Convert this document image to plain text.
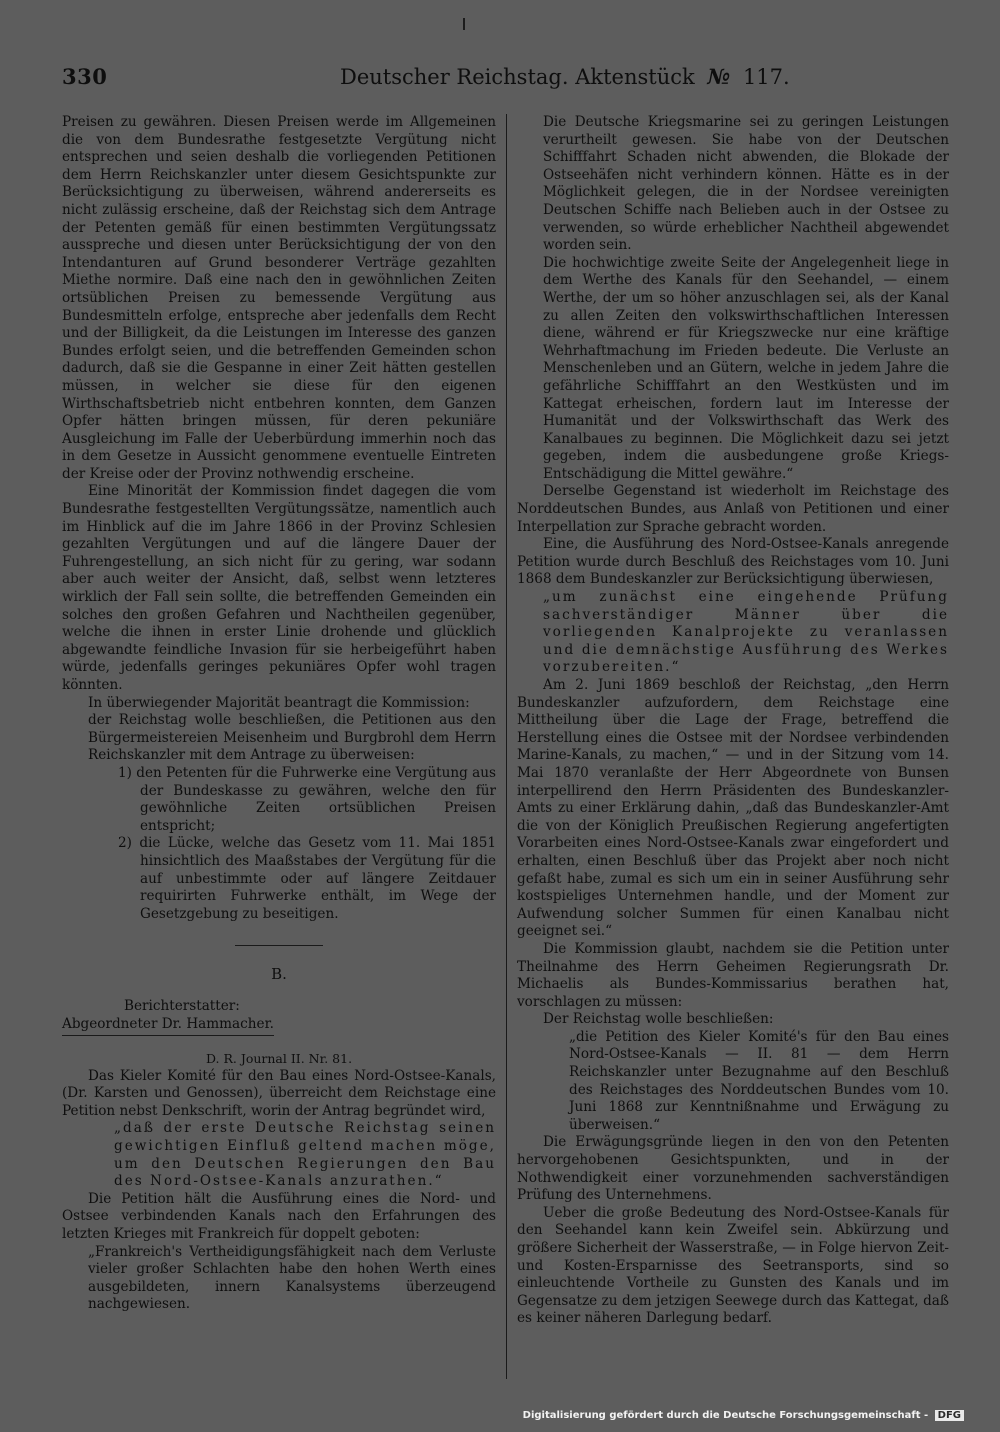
330	Deutscher Reichstag. Aktenstück № 117.

Preisen zu gewähren. Diesen Preisen werde im Allgemeinen die von dem Bundesrathe festgesetzte Vergütung nicht entsprechen und seien deshalb die vorliegenden Petitionen dem Herrn Reichskanzler unter diesem Gesichtspunkte zur Berücksichtigung zu überweisen, während andererseits es nicht zulässig erscheine, daß der Reichstag sich dem Antrage der Petenten gemäß für einen bestimmten Vergütungssatz ausspreche und diesen unter Berücksichtigung der von den Intendanturen auf Grund besonderer Verträge gezahlten Miethe normire. Daß eine nach den in gewöhnlichen Zeiten ortsüblichen Preisen zu bemessende Vergütung aus Bundesmitteln erfolge, entspreche aber jedenfalls dem Recht und der Billigkeit, da die Leistungen im Interesse des ganzen Bundes erfolgt seien, und die betreffenden Gemeinden schon dadurch, daß sie die Gespanne in einer Zeit hätten gestellen müssen, in welcher sie diese für den eigenen Wirthschaftsbetrieb nicht entbehren konnten, dem Ganzen Opfer hätten bringen müssen, für deren pekuniäre Ausgleichung im Falle der Ueberbürdung immerhin noch das in dem Gesetze in Aussicht genommene eventuelle Eintreten der Kreise oder der Provinz nothwendig erscheine.

Eine Minorität der Kommission findet dagegen die vom Bundesrathe festgestellten Vergütungssätze, namentlich auch im Hinblick auf die im Jahre 1866 in der Provinz Schlesien gezahlten Vergütungen und auf die längere Dauer der Fuhrengestellung, an sich nicht für zu gering, war sodann aber auch weiter der Ansicht, daß, selbst wenn letzteres wirklich der Fall sein sollte, die betreffenden Gemeinden ein solches den großen Gefahren und Nachtheilen gegenüber, welche die ihnen in erster Linie drohende und glücklich abgewandte feindliche Invasion für sie herbeigeführt haben würde, jedenfalls geringes pekuniäres Opfer wohl tragen könnten.

In überwiegender Majorität beantragt die Kommission:

der Reichstag wolle beschließen, die Petitionen aus den Bürgermeistereien Meisenheim und Burgbrohl dem Herrn Reichskanzler mit dem Antrage zu überweisen:

1) den Petenten für die Fuhrwerke eine Vergütung aus der Bundeskasse zu gewähren, welche den für gewöhnliche Zeiten ortsüblichen Preisen entspricht;

2) die Lücke, welche das Gesetz vom 11. Mai 1851 hinsichtlich des Maaßstabes der Vergütung für die auf unbestimmte oder auf längere Zeitdauer requirirten Fuhrwerke enthält, im Wege der Gesetzgebung zu beseitigen.

B.

Berichterstatter:

Abgeordneter Dr. Hammacher.

D. R. Journal II. Nr. 81.

Das Kieler Komité für den Bau eines Nord-Ostsee-Kanals, (Dr. Karsten und Genossen), überreicht dem Reichstage eine Petition nebst Denkschrift, worin der Antrag begründet wird,

„daß der erste Deutsche Reichstag seinen gewichtigen Einfluß geltend machen möge, um den Deutschen Regierungen den Bau des Nord-Ostsee-Kanals anzurathen.“

Die Petition hält die Ausführung eines die Nord- und Ostsee verbindenden Kanals nach den Erfahrungen des letzten Krieges mit Frankreich für doppelt geboten:

„Frankreich's Vertheidigungsfähigkeit nach dem Verluste vieler großer Schlachten habe den hohen Werth eines ausgebildeten, innern Kanalsystems überzeugend nachgewiesen.

Die Deutsche Kriegsmarine sei zu geringen Leistungen verurtheilt gewesen. Sie habe von der Deutschen Schifffahrt Schaden nicht abwenden, die Blokade der Ostseehäfen nicht verhindern können. Hätte es in der Möglichkeit gelegen, die in der Nordsee vereinigten Deutschen Schiffe nach Belieben auch in der Ostsee zu verwenden, so würde erheblicher Nachtheil abgewendet worden sein.

Die hochwichtige zweite Seite der Angelegenheit liege in dem Werthe des Kanals für den Seehandel, — einem Werthe, der um so höher anzuschlagen sei, als der Kanal zu allen Zeiten den volkswirthschaftlichen Interessen diene, während er für Kriegszwecke nur eine kräftige Wehrhaftmachung im Frieden bedeute. Die Verluste an Menschenleben und an Gütern, welche in jedem Jahre die gefährliche Schifffahrt an den Westküsten und im Kattegat erheischen, fordern laut im Interesse der Humanität und der Volkswirthschaft das Werk des Kanalbaues zu beginnen. Die Möglichkeit dazu sei jetzt gegeben, indem die ausbedungene große Kriegs-Entschädigung die Mittel gewähre.“

Derselbe Gegenstand ist wiederholt im Reichstage des Norddeutschen Bundes, aus Anlaß von Petitionen und einer Interpellation zur Sprache gebracht worden.

Eine, die Ausführung des Nord-Ostsee-Kanals anregende Petition wurde durch Beschluß des Reichstages vom 10. Juni 1868 dem Bundeskanzler zur Berücksichtigung überwiesen,

„um zunächst eine eingehende Prüfung sachverständiger Männer über die vorliegenden Kanalprojekte zu veranlassen und die demnächstige Ausführung des Werkes vorzubereiten.“

Am 2. Juni 1869 beschloß der Reichstag, „den Herrn Bundeskanzler aufzufordern, dem Reichstage eine Mittheilung über die Lage der Frage, betreffend die Herstellung eines die Ostsee mit der Nordsee verbindenden Marine-Kanals, zu machen,“ — und in der Sitzung vom 14. Mai 1870 veranlaßte der Herr Abgeordnete von Bunsen interpellirend den Herrn Präsidenten des Bundeskanzler-Amts zu einer Erklärung dahin, „daß das Bundeskanzler-Amt die von der Königlich Preußischen Regierung angefertigten Vorarbeiten eines Nord-Ostsee-Kanals zwar eingefordert und erhalten, einen Beschluß über das Projekt aber noch nicht gefaßt habe, zumal es sich um ein in seiner Ausführung sehr kostspieliges Unternehmen handle, und der Moment zur Aufwendung solcher Summen für einen Kanalbau nicht geeignet sei.“

Die Kommission glaubt, nachdem sie die Petition unter Theilnahme des Herrn Geheimen Regierungsrath Dr. Michaelis als Bundes-Kommissarius berathen hat, vorschlagen zu müssen:

Der Reichstag wolle beschließen:

„die Petition des Kieler Komité's für den Bau eines Nord-Ostsee-Kanals — II. 81 — dem Herrn Reichskanzler unter Bezugnahme auf den Beschluß des Reichstages des Norddeutschen Bundes vom 10. Juni 1868 zur Kenntnißnahme und Erwägung zu überweisen.“

Die Erwägungsgründe liegen in den von den Petenten hervorgehobenen Gesichtspunkten, und in der Nothwendigkeit einer vorzunehmenden sachverständigen Prüfung des Unternehmens.

Ueber die große Bedeutung des Nord-Ostsee-Kanals für den Seehandel kann kein Zweifel sein. Abkürzung und größere Sicherheit der Wasserstraße, — in Folge hiervon Zeit- und Kosten-Ersparnisse des Seetransports, sind so einleuchtende Vortheile zu Gunsten des Kanals und im Gegensatze zu dem jetzigen Seewege durch das Kattegat, daß es keiner näheren Darlegung bedarf.

Digitalisierung gefördert durch die Deutsche Forschungsgemeinschaft - DFG
